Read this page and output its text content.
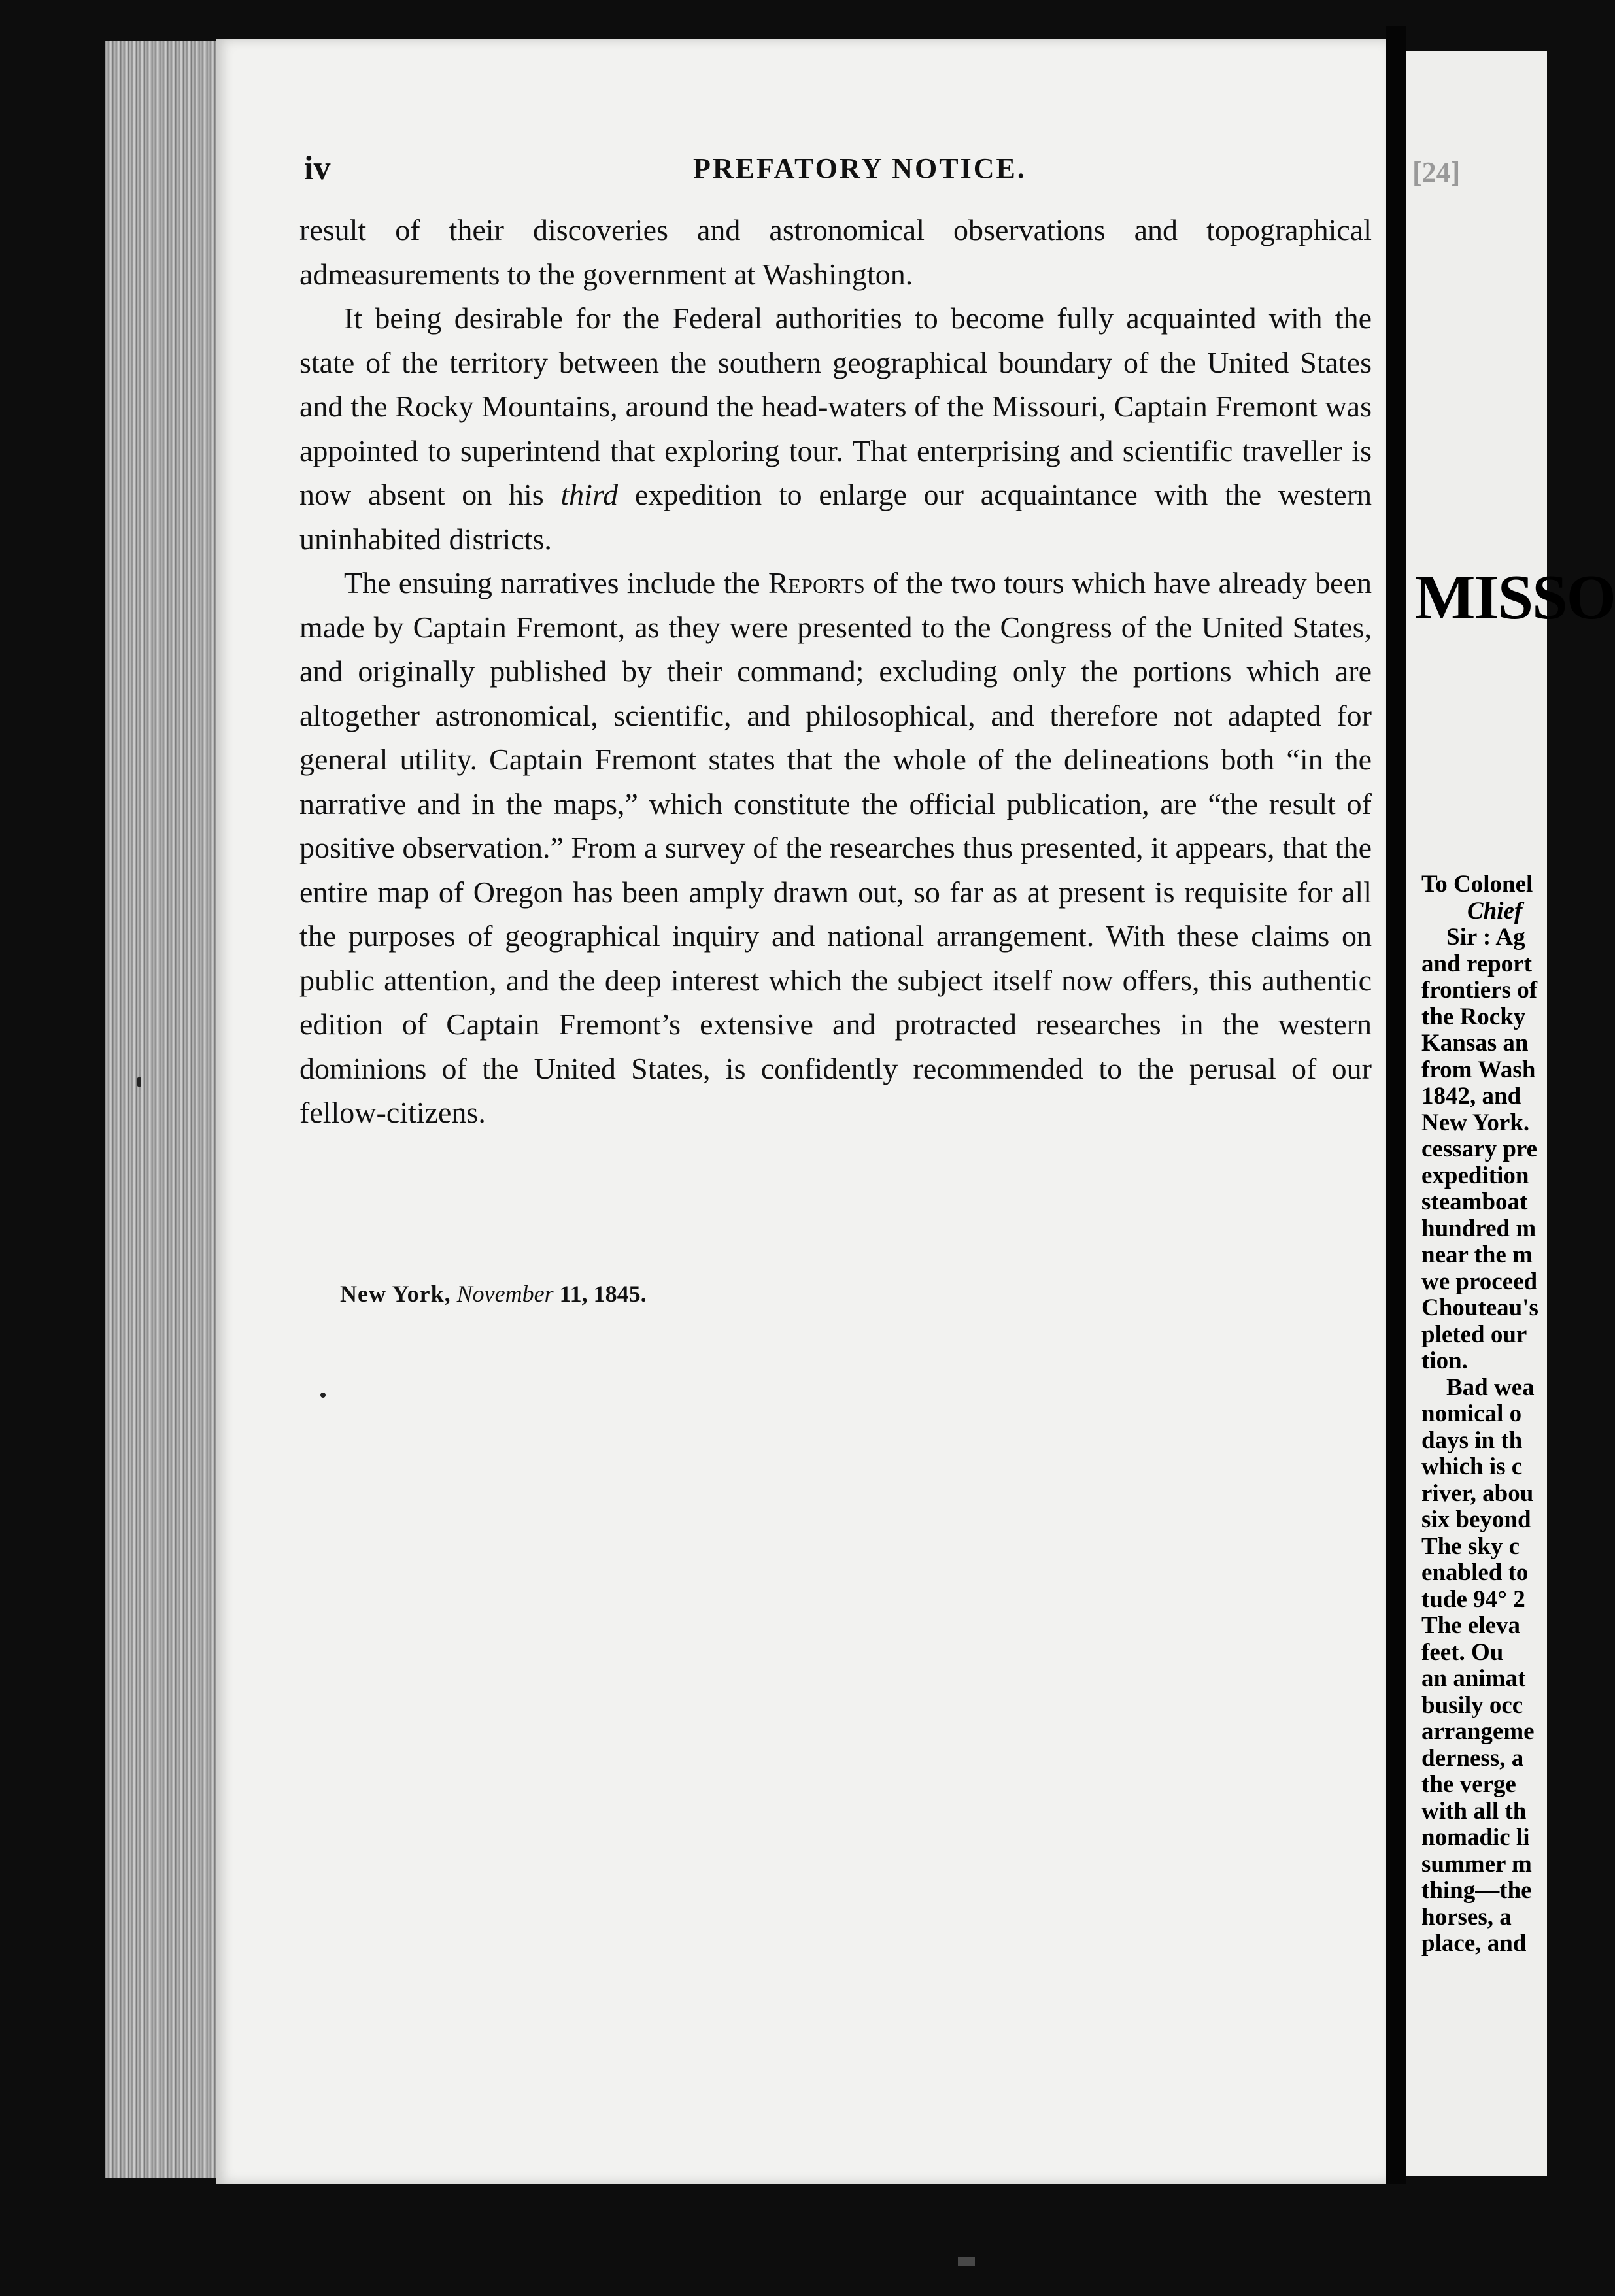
iv	PREFATORY NOTICE.

result of their discoveries and astronomical observations and topographical admeasurements to the government at Washington.

It being desirable for the Federal authorities to become fully acquainted with the state of the territory between the southern geographical boundary of the United States and the Rocky Mountains, around the head-waters of the Missouri, Captain Fremont was appointed to superintend that exploring tour. That enterprising and scientific traveller is now absent on his third expedition to enlarge our acquaintance with the western uninhabited districts.

The ensuing narratives include the Reports of the two tours which have already been made by Captain Fremont, as they were presented to the Congress of the United States, and originally published by their command; excluding only the portions which are altogether astronomical, scientific, and philosophical, and therefore not adapted for general utility. Captain Fremont states that the whole of the delineations both “in the narrative and in the maps,” which constitute the official publication, are “the result of positive observation.” From a survey of the researches thus presented, it appears, that the entire map of Oregon has been amply drawn out, so far as at present is requisite for all the purposes of geographical inquiry and national arrangement. With these claims on public attention, and the deep interest which the subject itself now offers, this authentic edition of Captain Fremont’s extensive and protracted researches in the western dominions of the United States, is confidently recommended to the perusal of our fellow-citizens.

New York, November 11, 1845.
[24]
MISSO
To Colonel
Chief
Sir : Ag
and report
frontiers of
the Rocky
Kansas an
from Wash
1842, and
New York.
cessary pre
expedition
steamboat
hundred m
near the m
we proceed
Chouteau's
pleted our
tion.
Bad wea
nomical o
days in th
which is c
river, abou
six beyond
The sky c
enabled to
tude 94° 2
The eleva
feet. Ou
an animat
busily occ
arrangeme
derness, a
the verge
with all th
nomadic li
summer m
thing—the
horses, a
place, and
